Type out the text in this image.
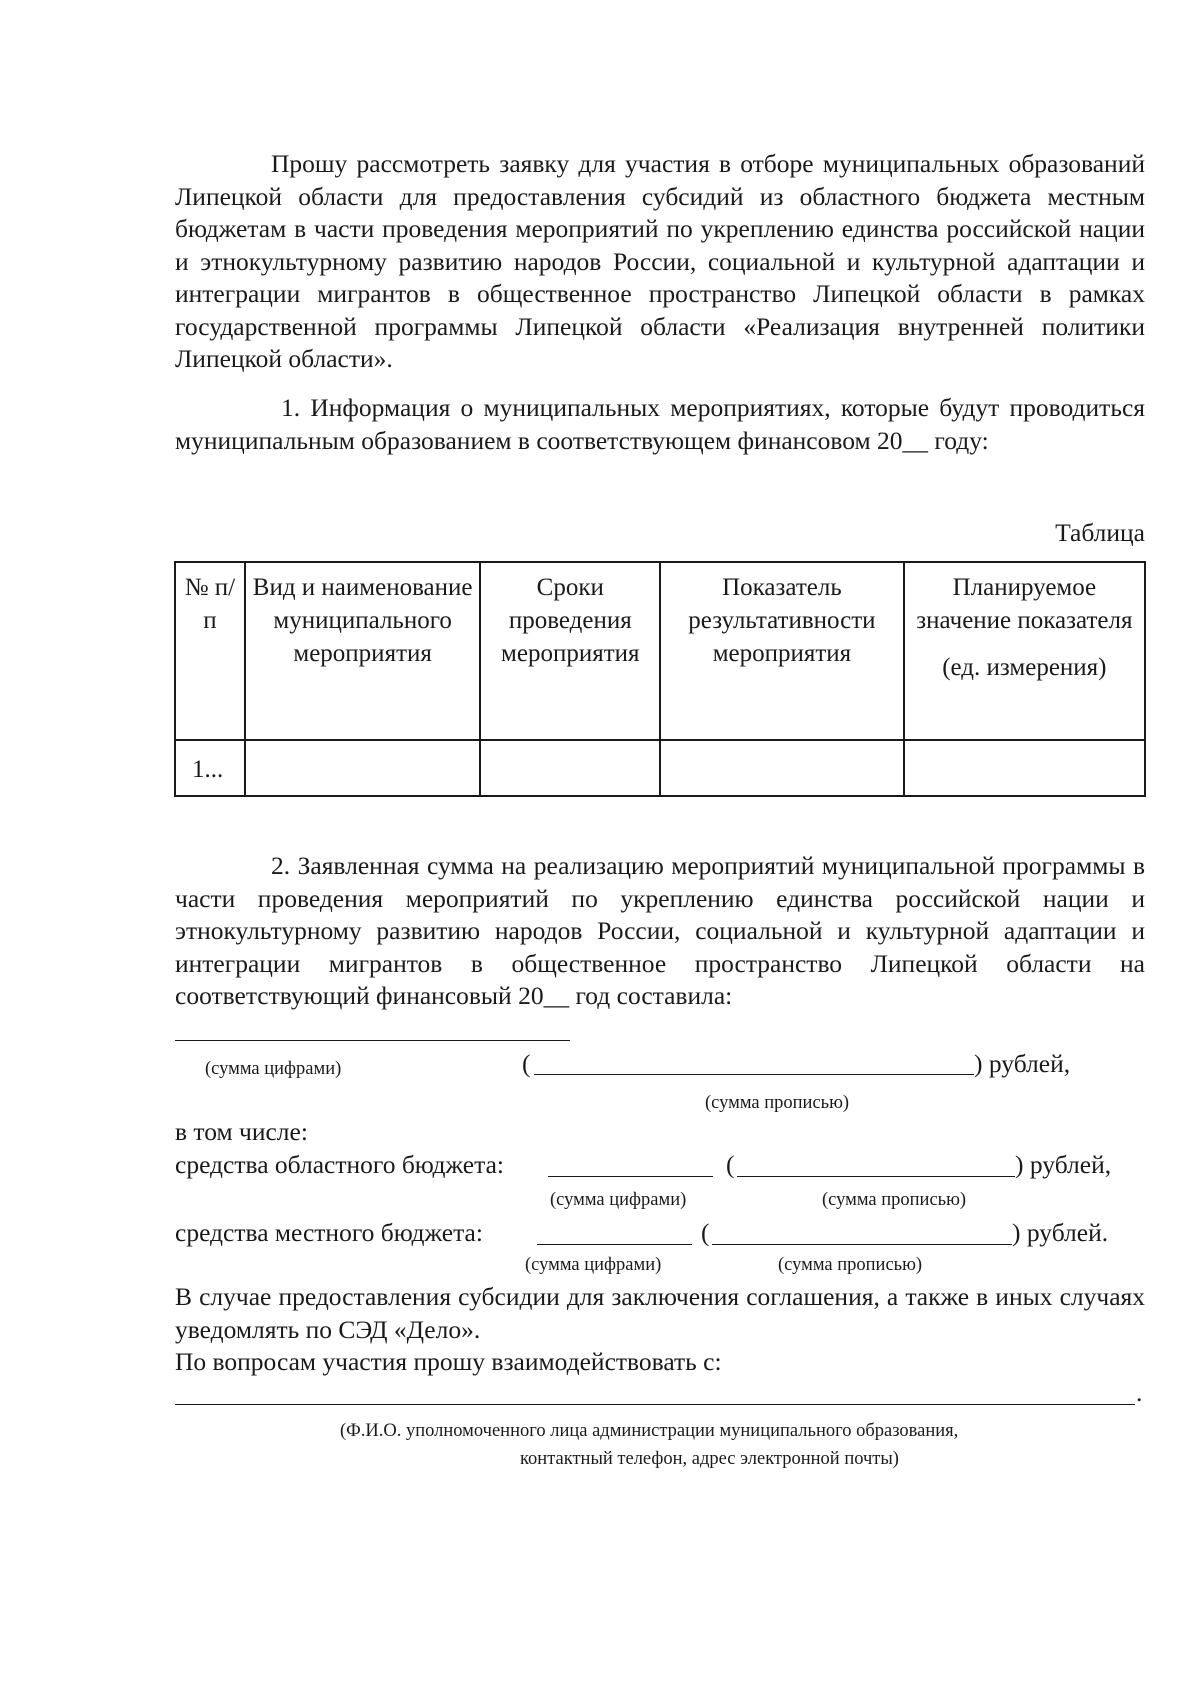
Прошу рассмотреть заявку для участия в отборе муниципальных образований Липецкой области для предоставления субсидий из областного бюджета местным бюджетам в части проведения мероприятий по укреплению единства российской нации и этнокультурному развитию народов России, социальной и культурной адаптации и интеграции мигрантов в общественное пространство Липецкой области в рамках государственной программы Липецкой области «Реализация внутренней политики Липецкой области».

1. Информация о муниципальных мероприятиях, которые будут проводиться муниципальным образованием в соответствующем финансовом 20__ году:

Таблица
№ п/п	Вид и наименование муниципального мероприятия	Сроки проведения мероприятия	Показатель результативности мероприятия	Планируемое значение показателя
(ед. измерения)

1...				

2. Заявленная сумма на реализацию мероприятий муниципальной программы в части проведения мероприятий по укреплению единства российской нации и этнокультурному развитию народов России, социальной и культурной адаптации и интеграции мигрантов в общественное пространство Липецкой области на соответствующий финансовый 20__ год составила:

(сумма цифрами)	(	) рублей,
(сумма прописью)
в том числе:
средства областного бюджета:	(	) рублей,
(сумма цифрами)	(сумма прописью)
средства местного бюджета:	(	) рублей.
(сумма цифрами)	(сумма прописью)

В случае предоставления субсидии для заключения соглашения, а также в иных случаях уведомлять по СЭД «Дело».

По вопросам участия прошу взаимодействовать с:
.
(Ф.И.О. уполномоченного лица администрации муниципального образования,
контактный телефон, адрес электронной почты)
